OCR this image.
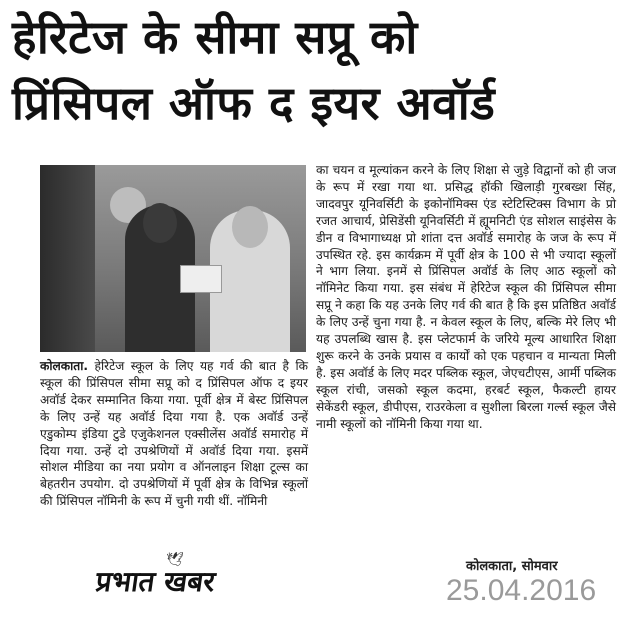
हेरिटेज के सीमा सप्रू को
प्रिंसिपल ऑफ द इयर अवॉर्ड

कोलकाता. हेरिटेज स्कूल के लिए यह गर्व की बात है कि स्कूल की प्रिंसिपल सीमा सप्रू को द प्रिंसिपल ऑफ द इयर अवॉर्ड देकर सम्मानित किया गया. पूर्वी क्षेत्र में बेस्ट प्रिंसिपल के लिए उन्हें यह अवॉर्ड दिया गया है. एक अवॉर्ड उन्हें एडुकोम्प इंडिया टुडे एजुकेशनल एक्सीलेंस अवॉर्ड समारोह में दिया गया. उन्हें दो उपश्रेणियों में अवॉर्ड दिया गया. इसमें सोशल मीडिया का नया प्रयोग व ऑनलाइन शिक्षा टूल्स का बेहतरीन उपयोग. दो उपश्रेणियों में पूर्वी क्षेत्र के विभिन्न स्कूलों की प्रिंसिपल नॉमिनी के रूप में चुनी गयी थीं. नॉमिनी

का चयन व मूल्यांकन करने के लिए शिक्षा से जुड़े विद्वानों को ही जज के रूप में रखा गया था. प्रसिद्ध हॉकी खिलाड़ी गुरबख्श सिंह, जादवपुर यूनिवर्सिटी के इकोनॉमिक्स एंड स्टेटिस्टिक्स विभाग के प्रो रजत आचार्य, प्रेसिडेंसी यूनिवर्सिटी में ह्यूमनिटी एंड सोशल साइंसेस के डीन व विभागाध्यक्ष प्रो शांता दत्त अवॉर्ड समारोह के जज के रूप में उपस्थित रहे. इस कार्यक्रम में पूर्वी क्षेत्र के 100 से भी ज्यादा स्कूलों ने भाग लिया. इनमें से प्रिंसिपल अवॉर्ड के लिए आठ स्कूलों को नॉमिनेट किया गया. इस संबंध में हेरिटेज स्कूल की प्रिंसिपल सीमा सप्रू ने कहा कि यह उनके लिए गर्व की बात है कि इस प्रतिष्ठित अवॉर्ड के लिए उन्हें चुना गया है. न केवल स्कूल के लिए, बल्कि मेरे लिए भी यह उपलब्धि खास है. इस प्लेटफार्म के जरिये मूल्य आधारित शिक्षा शुरू करने के उनके प्रयास व कार्यों को एक पहचान व मान्यता मिली है. इस अवॉर्ड के लिए मदर पब्लिक स्कूल, जेएचटीएस, आर्मी पब्लिक स्कूल रांची, जसको स्कूल कदमा, हरबर्ट स्कूल, फैकल्टी हायर सेकेंडरी स्कूल, डीपीएस, राउरकेला व सुशीला बिरला गर्ल्स स्कूल जैसे नामी स्कूलों को नॉमिनी किया गया था.

🕊
प्रभात खबर	कोलकाता, सोमवार
25.04.2016
